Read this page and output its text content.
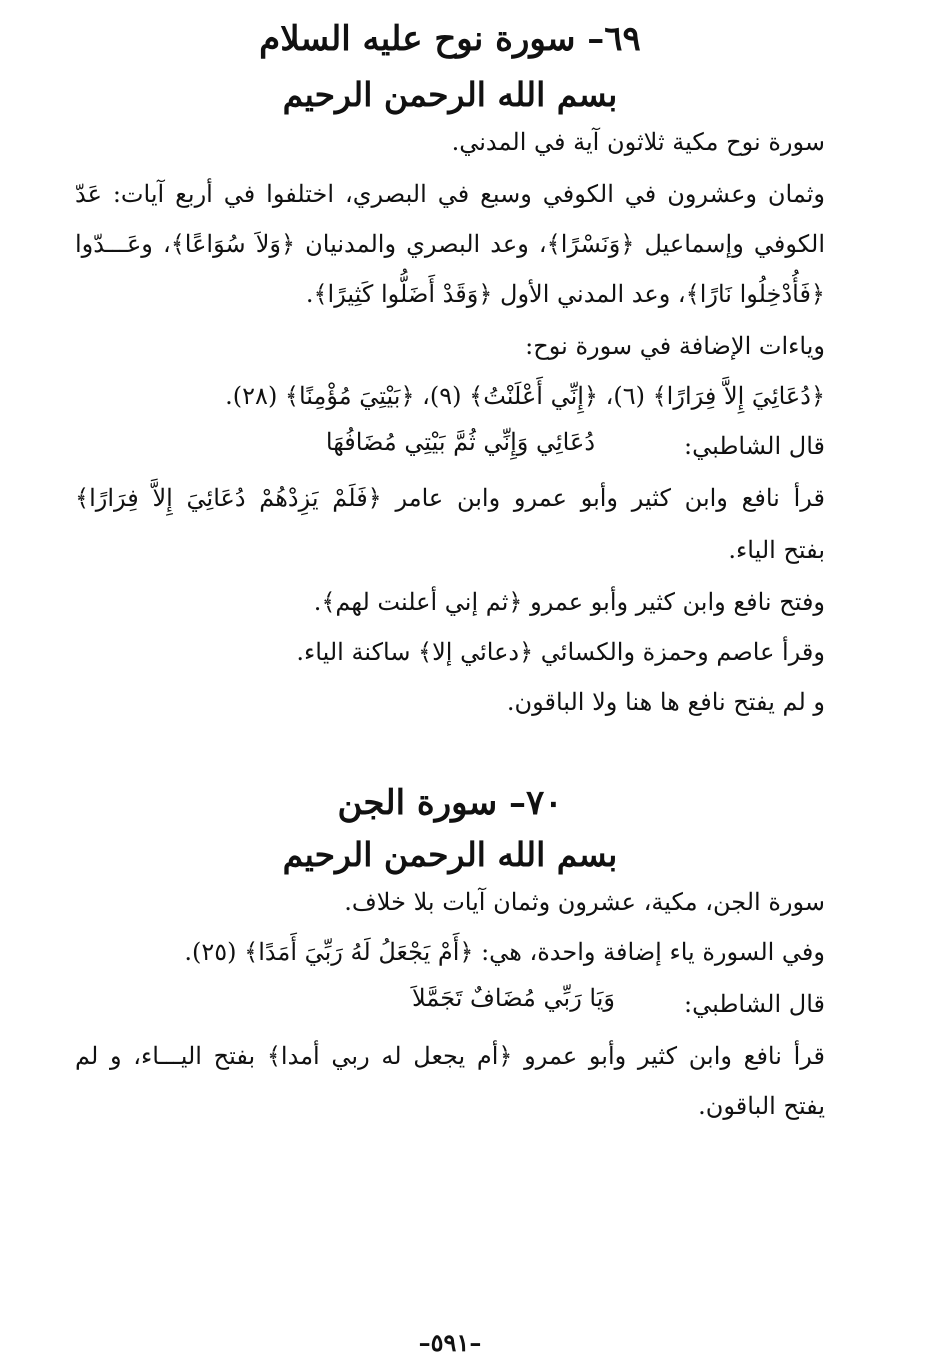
٦٩– سورة نوح عليه السلام
بسم الله الرحمن الرحيم
سورة نوح مكية ثلاثون آية في المدني.
وثمان وعشرون في الكوفي وسبع في البصري، اختلفوا في أربع آيات: عَدّ
الكوفي وإسماعيل ﴿وَنَسْرًا﴾، وعد البصري والمدنيان ﴿وَلاَ سُوَاعًا﴾، وعَـــدّوا
﴿فَأُدْخِلُوا نَارًا﴾، وعد المدني الأول ﴿وَقَدْ أَضَلُّوا كَثِيرًا﴾.
وياءات الإضافة في سورة نوح:
﴿دُعَائِيَ إِلاَّ فِرَارًا﴾ (٦)، ﴿إِنِّي أَعْلَنْتُ﴾ (٩)، ﴿بَيْتِيَ مُؤْمِنًا﴾ (٢٨).
قال الشاطبي:
دُعَائِي وَإِنِّي ثُمَّ بَيْتِي مُضَافُهَا
قرأ نافع وابن كثير وأبو عمرو وابن عامر ﴿فَلَمْ يَزِدْهُمْ دُعَائِيَ إِلاَّ فِرَارًا﴾
بفتح الياء.
وفتح نافع وابن كثير وأبو عمرو ﴿ثم إني أعلنت لهم﴾.
وقرأ عاصم وحمزة والكسائي ﴿دعائي إلا﴾ ساكنة الياء.
و لم يفتح نافع ها هنا ولا الباقون.
٧٠– سورة الجن
بسم الله الرحمن الرحيم
سورة الجن، مكية، عشرون وثمان آيات بلا خلاف.
وفي السورة ياء إضافة واحدة، هي: ﴿أَمْ يَجْعَلُ لَهُ رَبِّيَ أَمَدًا﴾ (٢٥).
قال الشاطبي:
وَيَا رَبِّي مُضَافٌ تَجَمَّلاَ
قرأ نافع وابن كثير وأبو عمرو ﴿أم يجعل له ربي أمدا﴾ بفتح اليـــاء، و لم
يفتح الباقون.
–٥٩١–
